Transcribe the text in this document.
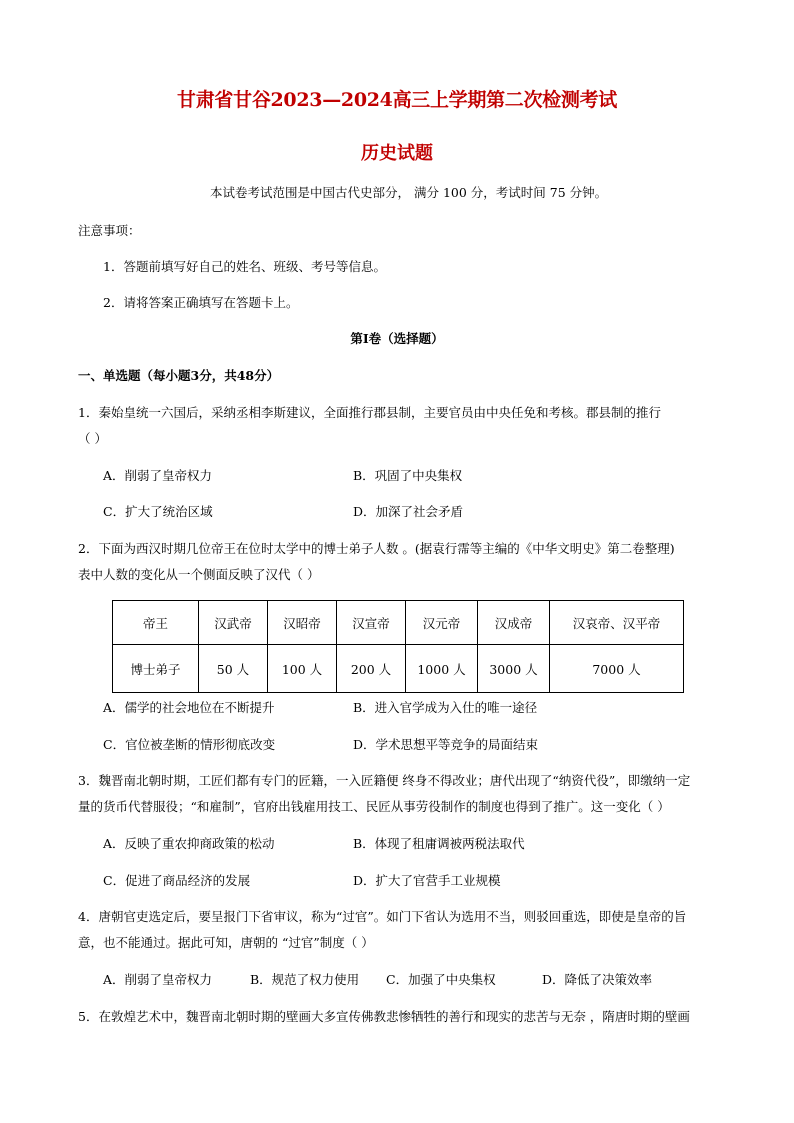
甘肃省甘谷2023—2024高三上学期第二次检测考试
历史试题
本试卷考试范围是中国古代史部分， 满分 100 分，考试时间 75 分钟。
注意事项：
1．答题前填写好自己的姓名、班级、考号等信息。
2．请将答案正确填写在答题卡上。
第I卷（选择题）
一、单选题（每小题3分，共48分）
1．秦始皇统一六国后，采纳丞相李斯建议，全面推行郡县制，主要官员由中央任免和考核。郡县制的推行
（ ）
A．削弱了皇帝权力	B．巩固了中央集权
C．扩大了统治区域	D．加深了社会矛盾
2．下面为西汉时期几位帝王在位时太学中的博士弟子人数 。(据袁行霈等主编的《中华文明史》第二卷整理)
表中人数的变化从一个侧面反映了汉代（ ）
帝王	汉武帝	汉昭帝	汉宣帝	汉元帝	汉成帝	汉哀帝、汉平帝
博士弟子	50 人	100 人	200 人	1000 人	3000 人	7000 人
A．儒学的社会地位在不断提升	B．进入官学成为入仕的唯一途径
C．官位被垄断的情形彻底改变	D．学术思想平等竞争的局面结束
3．魏晋南北朝时期，工匠们都有专门的匠籍，一入匠籍便 终身不得改业；唐代出现了“纳资代役”，即缴纳一定
量的货币代替服役；“和雇制”，官府出钱雇用技工、民匠从事劳役制作的制度也得到了推广。这一变化（ ）
A．反映了重农抑商政策的松动	B．体现了租庸调被两税法取代
C．促进了商品经济的发展	D．扩大了官营手工业规模
4．唐朝官吏选定后，要呈报门下省审议，称为“过官”。如门下省认为选用不当，则驳回重选，即使是皇帝的旨
意，也不能通过。据此可知，唐朝的 “过官”制度（ ）
A．削弱了皇帝权力	B．规范了权力使用 C．加强了中央集权	D．降低了决策效率
5．在敦煌艺术中，魏晋南北朝时期的壁画大多宣传佛教悲惨牺牲的善行和现实的悲苦与无奈 ，隋唐时期的壁画
